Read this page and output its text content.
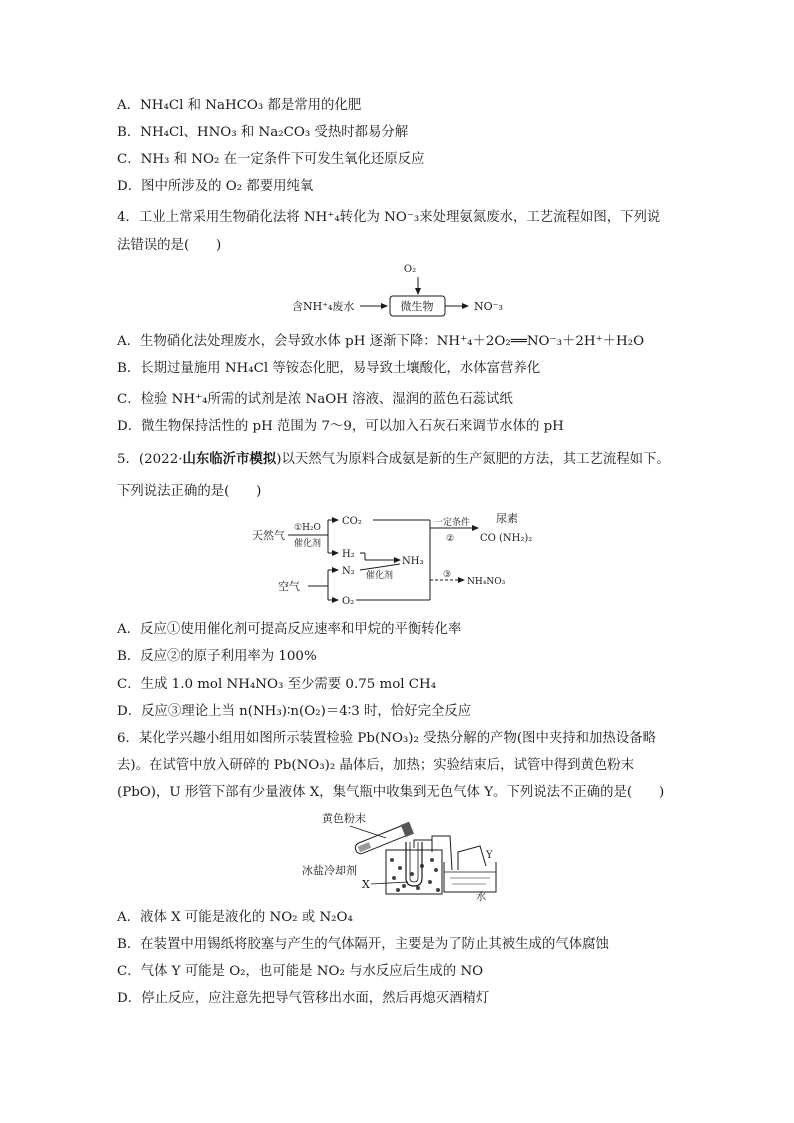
A．NH₄Cl 和 NaHCO₃ 都是常用的化肥
B．NH₄Cl、HNO₃ 和 Na₂CO₃ 受热时都易分解
C．NH₃ 和 NO₂ 在一定条件下可发生氧化还原反应
D．图中所涉及的 O₂ 都要用纯氧
4．工业上常采用生物硝化法将 NH⁺₄转化为 NO⁻₃来处理氨氮废水，工艺流程如图，下列说
法错误的是(　　)
O₂
含NH⁺₄废水	微生物	NO⁻₃
A．生物硝化法处理废水，会导致水体 pH 逐渐下降：NH⁺₄＋2O₂══NO⁻₃＋2H⁺＋H₂O
B．长期过量施用 NH₄Cl 等铵态化肥，易导致土壤酸化，水体富营养化
C．检验 NH⁺₄所需的试剂是浓 NaOH 溶液、湿润的蓝色石蕊试纸
D．微生物保持活性的 pH 范围为 7～9，可以加入石灰石来调节水体的 pH
5．(2022·山东临沂市模拟)以天然气为原料合成氨是新的生产氮肥的方法，其工艺流程如下。
下列说法正确的是(　　)
天然气
①H₂O
催化剂
CO₂
H₂
NH₃
空气
N₂ 催化剂
O₂
一定条件
②
尿素
CO (NH₂)₂
③
NH₄NO₃
A．反应①使用催化剂可提高反应速率和甲烷的平衡转化率
B．反应②的原子利用率为 100%
C．生成 1.0 mol NH₄NO₃ 至少需要 0.75 mol CH₄
D．反应③理论上当 n(NH₃)∶n(O₂)＝4∶3 时，恰好完全反应
6．某化学兴趣小组用如图所示装置检验 Pb(NO₃)₂ 受热分解的产物(图中夹持和加热设备略
去)。在试管中放入研碎的 Pb(NO₃)₂ 晶体后，加热；实验结束后，试管中得到黄色粉末
(PbO)，U 形管下部有少量液体 X，集气瓶中收集到无色气体 Y。下列说法不正确的是(　　)
黄色粉末
冰盐冷却剂
X
Y
水
A．液体 X 可能是液化的 NO₂ 或 N₂O₄
B．在装置中用锡纸将胶塞与产生的气体隔开，主要是为了防止其被生成的气体腐蚀
C．气体 Y 可能是 O₂，也可能是 NO₂ 与水反应后生成的 NO
D．停止反应，应注意先把导气管移出水面，然后再熄灭酒精灯
